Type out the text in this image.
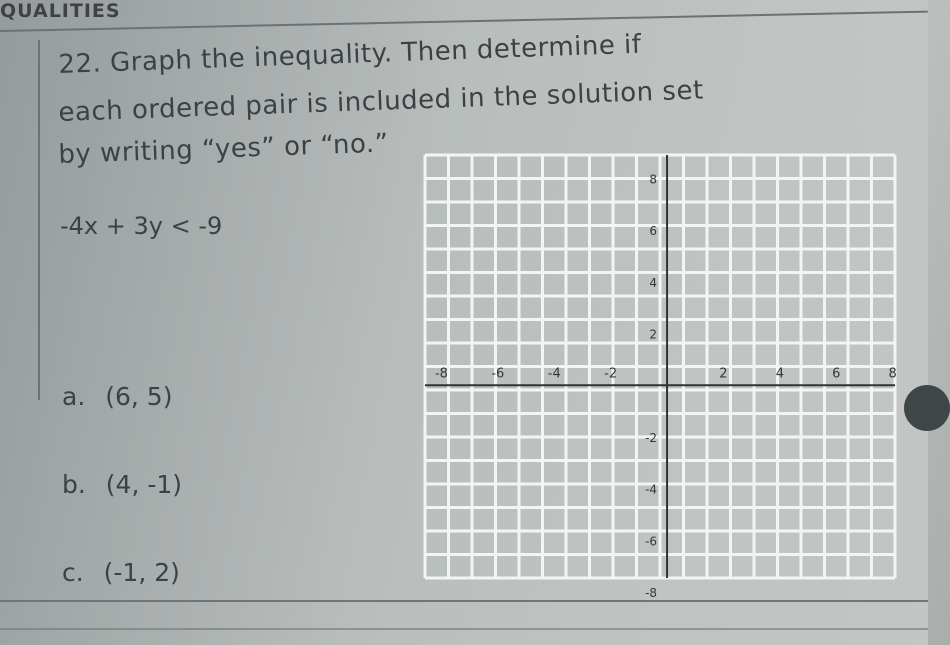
QUALITIES
22. Graph the inequality. Then determine if
each ordered pair is included in the solution set
by writing “yes” or “no.”
-4x + 3y < -9
a. (6, 5)
b. (4, -1)
c. (-1, 2)
-8	-6	-4	-2	2	4	6	8
8
6
4
2
-2
-4
-6
-8
